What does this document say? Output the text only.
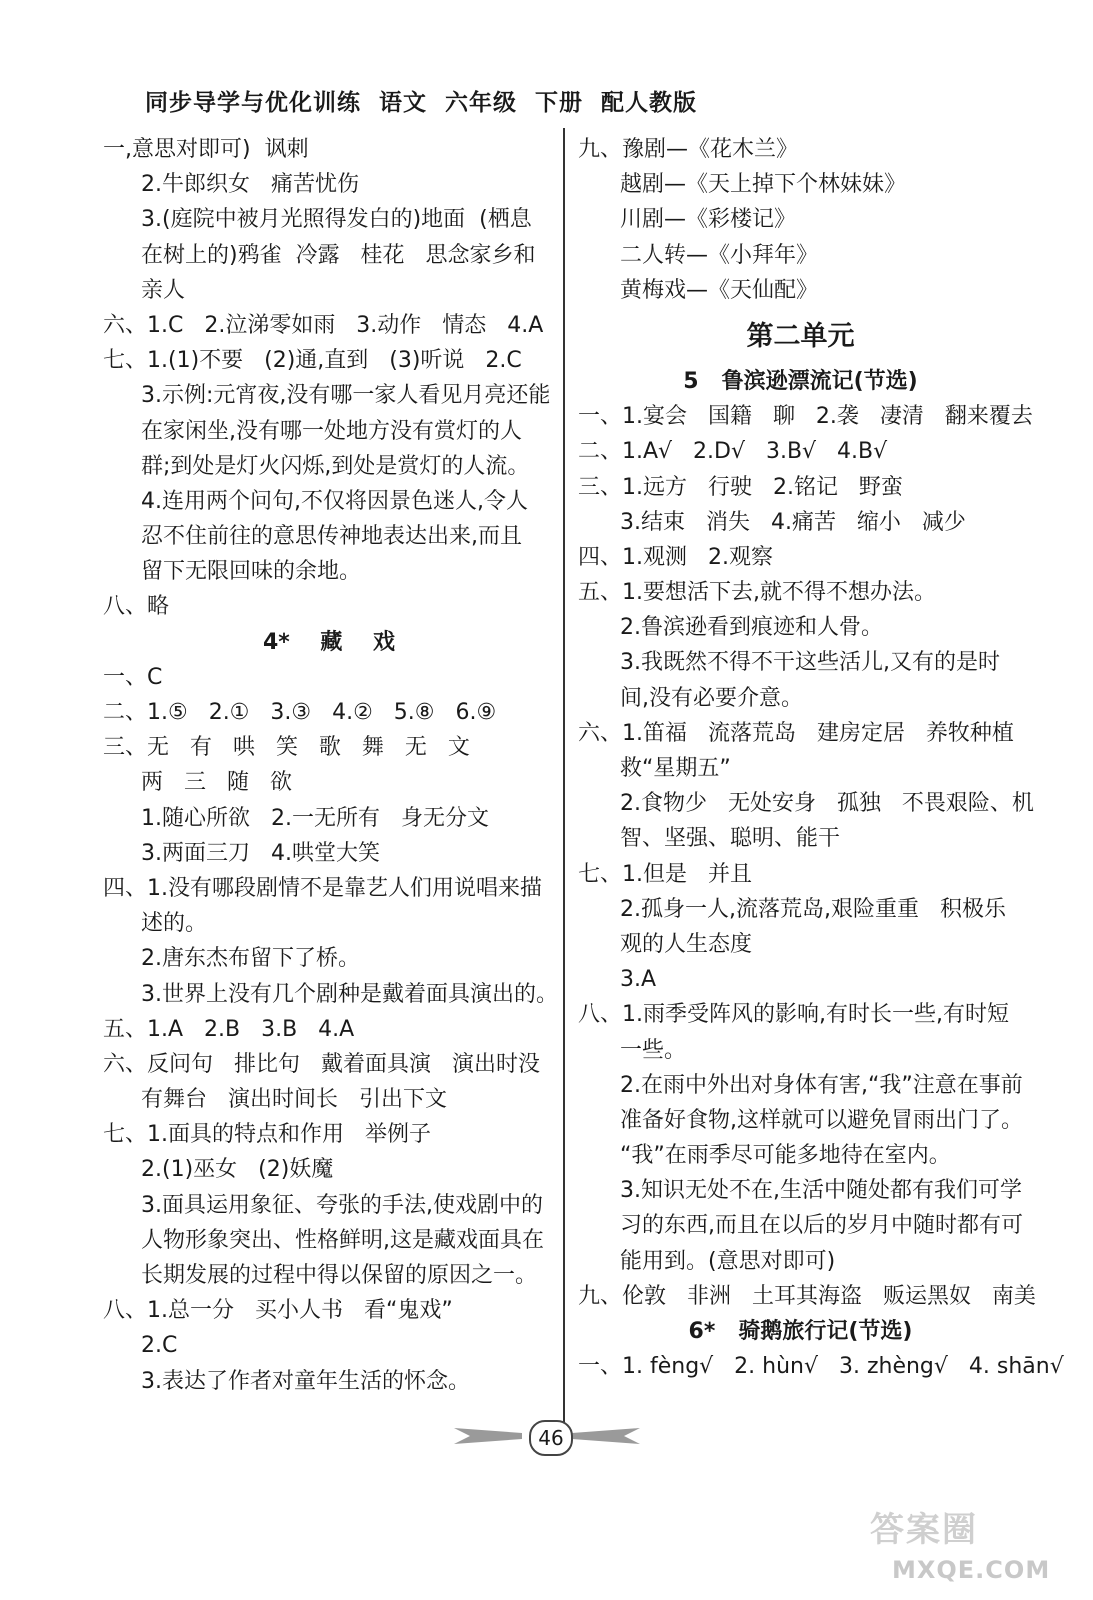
同步导学与优化训练  语文  六年级  下册  配人教版
一,意思对即可)  讽刺
2.牛郎织女   痛苦忧伤
3.(庭院中被月光照得发白的)地面  (栖息
在树上的)鸦雀  冷露   桂花   思念家乡和
亲人
六、1.C   2.泣涕零如雨   3.动作   情态   4.A
七、1.(1)不要   (2)通,直到   (3)听说   2.C
3.示例:元宵夜,没有哪一家人看见月亮还能
在家闲坐,没有哪一处地方没有赏灯的人
群;到处是灯火闪烁,到处是赏灯的人流。
4.连用两个问句,不仅将因景色迷人,令人
忍不住前往的意思传神地表达出来,而且
留下无限回味的余地。
八、略
4*    藏    戏
一、C
二、1.⑤   2.①   3.③   4.②   5.⑧   6.⑨
三、无   有   哄   笑   歌   舞   无   文
两   三   随   欲
1.随心所欲   2.一无所有   身无分文
3.两面三刀   4.哄堂大笑
四、1.没有哪段剧情不是靠艺人们用说唱来描
述的。
2.唐东杰布留下了桥。
3.世界上没有几个剧种是戴着面具演出的。
五、1.A   2.B   3.B   4.A
六、反问句   排比句   戴着面具演   演出时没
有舞台   演出时间长   引出下文
七、1.面具的特点和作用   举例子
2.(1)巫女   (2)妖魔
3.面具运用象征、夸张的手法,使戏剧中的
人物形象突出、性格鲜明,这是藏戏面具在
长期发展的过程中得以保留的原因之一。
八、1.总一分   买小人书   看“鬼戏”
2.C
3.表达了作者对童年生活的怀念。
九、豫剧—《花木兰》
越剧—《天上掉下个林妹妹》
川剧—《彩楼记》
二人转—《小拜年》
黄梅戏—《天仙配》
第二单元
5   鲁滨逊漂流记(节选)
一、1.宴会   国籍   聊   2.袭   凄清   翻来覆去
二、1.A√   2.D√   3.B√   4.B√
三、1.远方   行驶   2.铭记   野蛮
3.结束   消失   4.痛苦   缩小   减少
四、1.观测   2.观察
五、1.要想活下去,就不得不想办法。
2.鲁滨逊看到痕迹和人骨。
3.我既然不得不干这些活儿,又有的是时
间,没有必要介意。
六、1.笛福   流落荒岛   建房定居   养牧种植
救“星期五”
2.食物少   无处安身   孤独   不畏艰险、机
智、坚强、聪明、能干
七、1.但是   并且
2.孤身一人,流落荒岛,艰险重重   积极乐
观的人生态度
3.A
八、1.雨季受阵风的影响,有时长一些,有时短
一些。
2.在雨中外出对身体有害,“我”注意在事前
准备好食物,这样就可以避免冒雨出门了。
“我”在雨季尽可能多地待在室内。
3.知识无处不在,生活中随处都有我们可学
习的东西,而且在以后的岁月中随时都有可
能用到。(意思对即可)
九、伦敦   非洲   土耳其海盗   贩运黑奴   南美
6*   骑鹅旅行记(节选)
一、1. fèng√   2. hùn√   3. zhèng√   4. shān√
46
答案圈
MXQE.COM
